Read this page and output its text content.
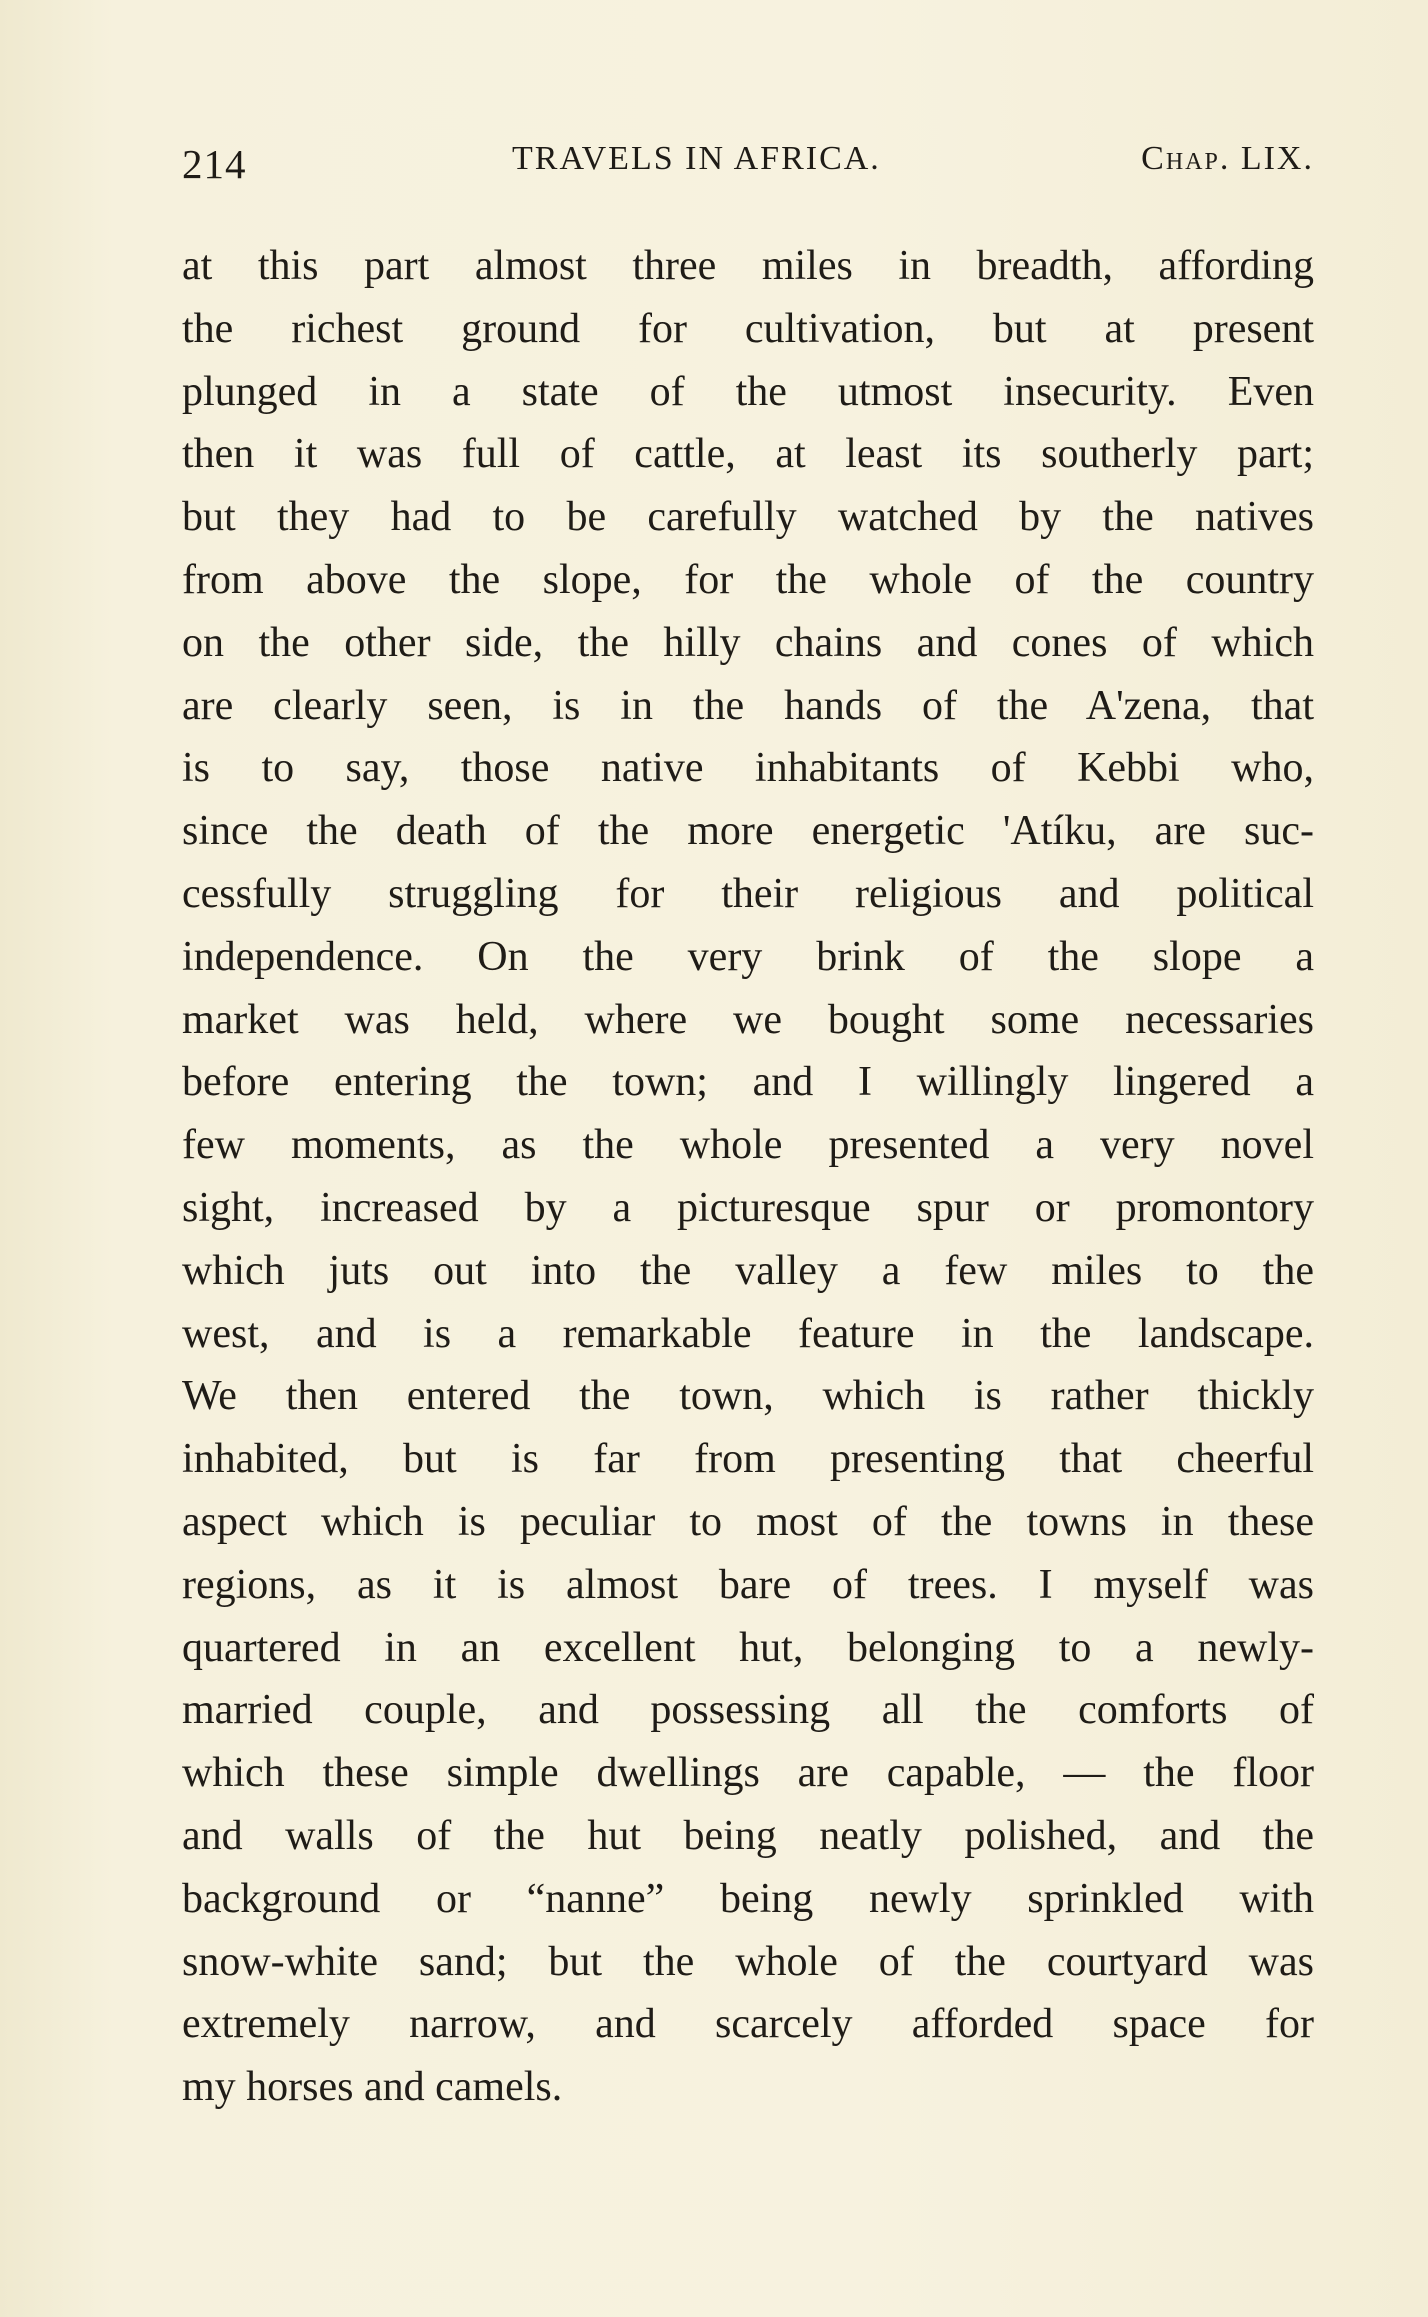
214	TRAVELS IN AFRICA.	Chap. LIX.
at this part almost three miles in breadth, affording
the richest ground for cultivation, but at present
plunged in a state of the utmost insecurity. Even
then it was full of cattle, at least its southerly part;
but they had to be carefully watched by the natives
from above the slope, for the whole of the country
on the other side, the hilly chains and cones of which
are clearly seen, is in the hands of the A'zena, that
is to say, those native inhabitants of Kebbi who,
since the death of the more energetic 'Atíku, are suc-
cessfully struggling for their religious and political
independence. On the very brink of the slope a
market was held, where we bought some necessaries
before entering the town; and I willingly lingered a
few moments, as the whole presented a very novel
sight, increased by a picturesque spur or promontory
which juts out into the valley a few miles to the
west, and is a remarkable feature in the landscape.
We then entered the town, which is rather thickly
inhabited, but is far from presenting that cheerful
aspect which is peculiar to most of the towns in these
regions, as it is almost bare of trees. I myself was
quartered in an excellent hut, belonging to a newly-
married couple, and possessing all the comforts of
which these simple dwellings are capable, — the floor
and walls of the hut being neatly polished, and the
background or “nanne” being newly sprinkled with
snow-white sand; but the whole of the courtyard was
extremely narrow, and scarcely afforded space for
my horses and camels.
